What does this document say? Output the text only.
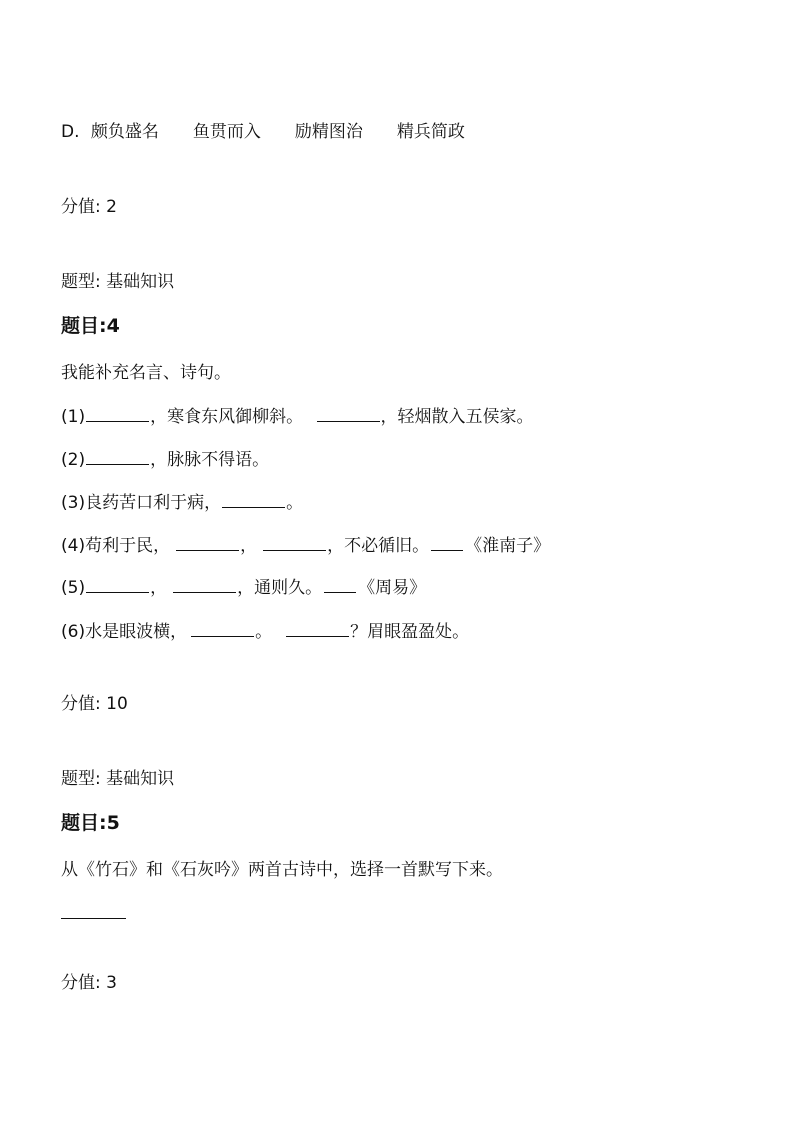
D. 颇负盛名 鱼贯而入 励精图治 精兵简政
分值: 2
题型: 基础知识
题目:4
我能补充名言、诗句。
(1)	，寒食东风御柳斜。	，轻烟散入五侯家。
(2)	，脉脉不得语。
(3)良药苦口利于病，	。
(4)苟利于民，	，	，不必循旧。 《淮南子》
(5)	，	，通则久。 《周易》
(6)水是眼波横，	。	？眉眼盈盈处。
分值: 10
题型: 基础知识
题目:5
从《竹石》和《石灰吟》两首古诗中，选择一首默写下来。
分值: 3
